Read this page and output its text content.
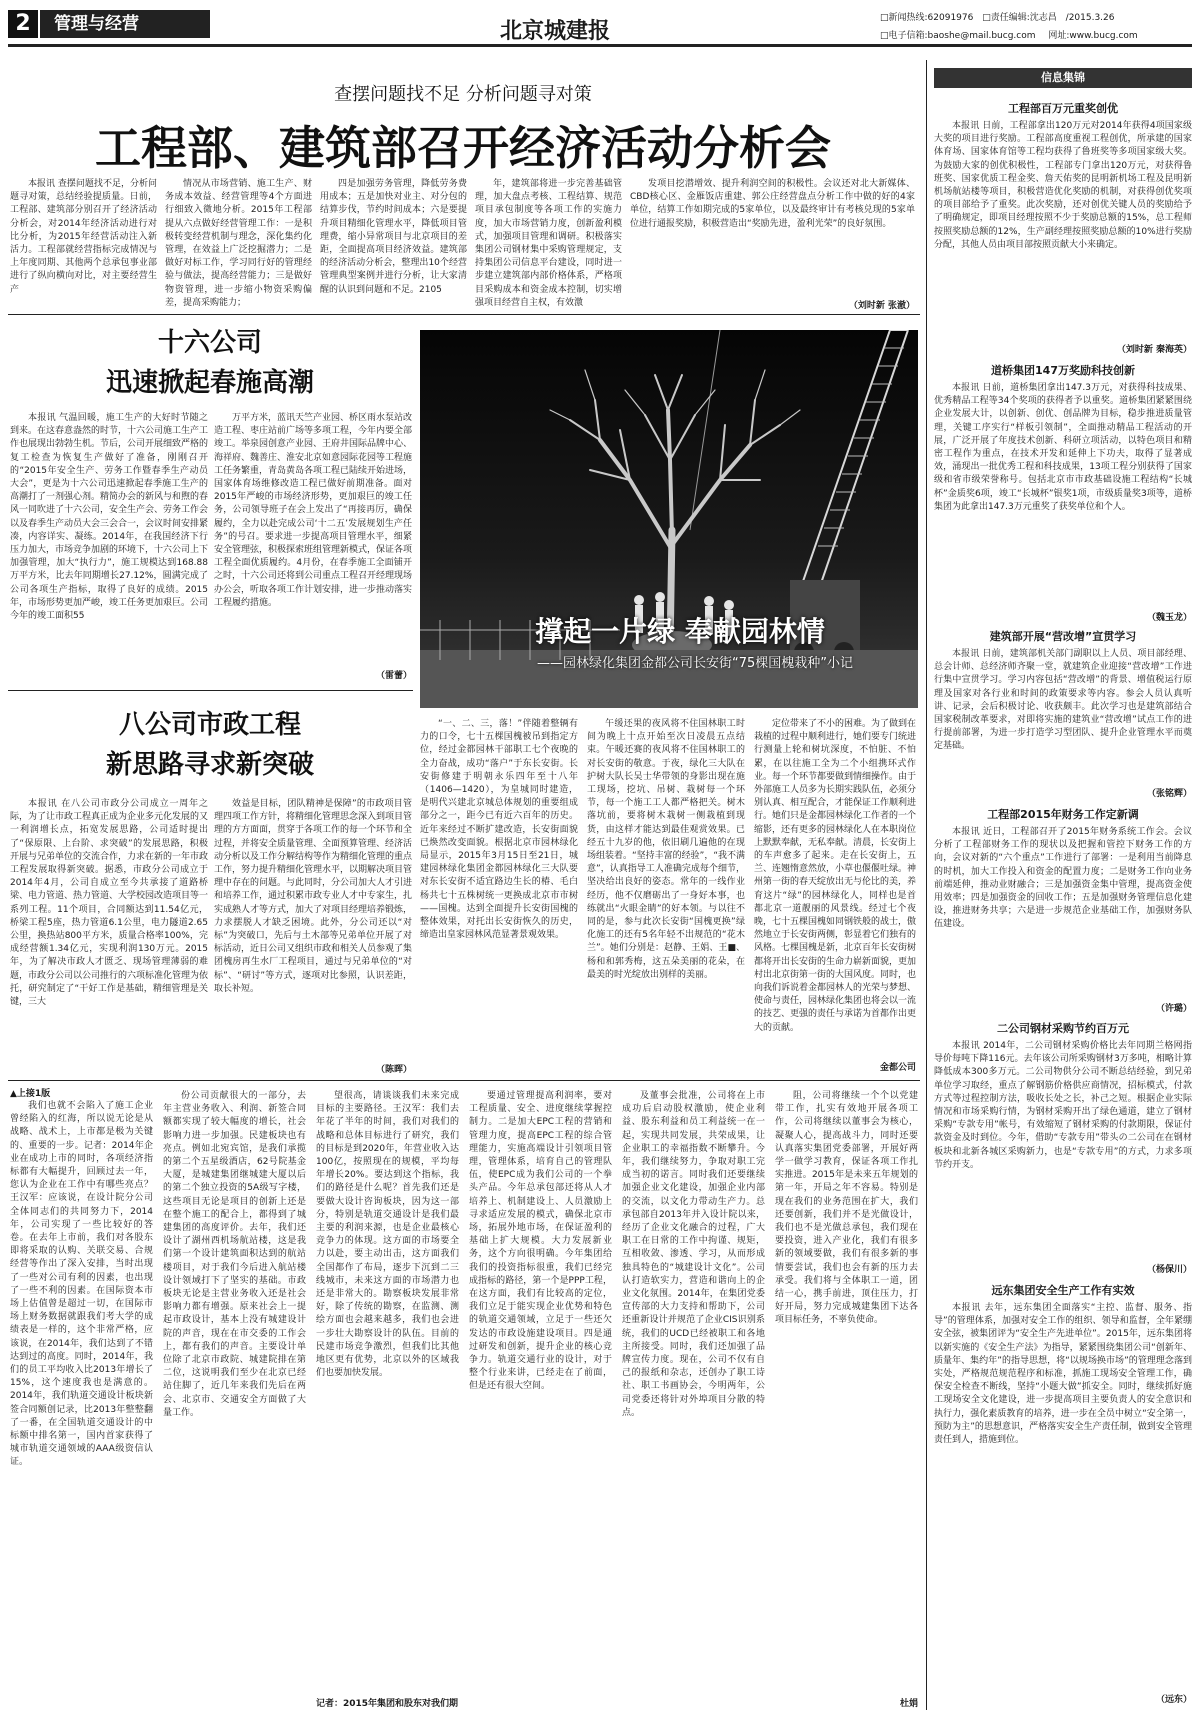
2	管理与经营	北京城建报	□新闻热线:62091976 □责任编辑:沈志昌 /2015.3.26
□电子信箱:baoshe@mail.bucg.com 网址:www.bucg.com
查摆问题找不足 分析问题寻对策
工程部、建筑部召开经济活动分析会

本报讯 查摆问题找不足，分析问题寻对策，总结经验提质量。日前，工程部、建筑部分别召开了经济活动分析会，对2014年经济活动进行对比分析，为2015年经营活动注入新活力。工程部就经营指标完成情况与上年度同期、其他两个总承包事业部进行了纵向横向对比，对主要经营生产

情况从市场营销、施工生产、财务成本效益、经营管理等4个方面进行细致入微地分析。2015年工程部提从六点做好经营管理工作：一是积极转变经营机制与理念，深化集约化管理，在效益上广泛挖掘潜力；二是做好对标工作，学习同行好的管理经验与做法，提高经营能力；三是做好物资管理，进一步缩小物资采购偏差，提高采购能力；

四是加强劳务管理，降低劳务费用成本；五是加快对业主、对分包的结算步伐，节约时间成本；六是要提升项目精细化管理水平，降低项目管理费，缩小异常项目与北京项目的差距，全面提高项目经济效益。建筑部的经济活动分析会，整理出10个经营管理典型案例并进行分析，让大家清醒的认识到问题和不足。2105

年，建筑部将进一步完善基础管理，加大盘点考核、工程结算、规范项目承包制度等各项工作的实施力度，加大市场营销力度，创新盈利模式，加强项目管理和调研。积极落实集团公司钢材集中采购管理规定，支持集团公司信息平台建设，同时进一步建立建筑部内部价格体系，严格项目采购成本和资金成本控制，切实增强项目经营自主权，有效激

发项目挖潜增效、提升利润空间的积极性。会议还对北大新媒体、CBD核心区、金雁饭店重建、郭公庄经营盘点分析工作中做的好的4家单位，结算工作如期完成的5家单位，以及最终审计有考核兑现的5家单位进行通报奖励，积极营造出“奖励先进，盈利光荣”的良好氛围。

（刘时新 张澈）
十六公司
迅速掀起春施高潮

本报讯 气温回暖，施工生产的大好时节随之到来。在这春意盎然的时节，十六公司施工生产工作也展现出勃勃生机。节后，公司开展细致严格的复工检查为恢复生产做好了准备，刚刚召开的“2015年安全生产、劳务工作暨春季生产动员大会”，更是为十六公司迅速掀起春季施工生产的高潮打了一剂强心剂。精简办会的新风与和煦的春风一同吹进了十六公司，安全生产会、劳务工作会以及春季生产动员大会三会合一，会议时间安排紧凑，内容详实、凝练。2014年，在我国经济下行压力加大，市场竞争加剧的环境下，十六公司上下加强管理，加大“执行力”，施工规模达到168.88万平方米，比去年同期增长27.12%，圆满完成了公司各项生产指标，取得了良好的成绩。2015年，市场形势更加严峻，竣工任务更加艰巨。公司今年的竣工面积55

万平方米，蓝讯天竺产业园、桥区雨水泵站改造工程、枣庄站前广场等多项工程，今年内要全部竣工。举泉园创意产业园、王府井国际品牌中心、海祥府、魏善庄、淮安北京如意园际花园等工程施工任务繁重，青岛黄岛各项工程已陆续开始进场，国家体育场维修改造工程已做好前期准备。面对2015年严峻的市场经济形势，更加艰巨的竣工任务，公司领导班子在会上发出了“再接再厉，确保履约，全力以赴完成公司‘十二五’发展规划生产任务”的号召。要求进一步提高项目管理水平，细紧安全管理弦，积极探索班组管理新模式，保证各项工程全面优质履约。4月份，在春季施工全面铺开之时，十六公司还将到公司重点工程召开经理现场办公会，听取各项工作计划安排，进一步推动落实工程履约措施。

（雷蕾）
八公司市政工程
新思路寻求新突破

本报讯 在八公司市政分公司成立一周年之际，为了让市政工程真正成为企业多元化发展的又一利润增长点，拓宽发展思路，公司适时提出了“保原限、上台阶、求突破”的发展思路，积极开展与兄弟单位的交流合作，力求在新的一年市政工程发展取得新突破。据悉，市政分公司成立于2014年4月，公司自成立至今共承接了道路桥梁、电力管道、热力管道、大学校园改造项目等一系列工程。11个项目，合同额达到11.54亿元，桥梁工程5座，热力管道6.1公里，电力隧道2.65公里，换热站800平方米，质量合格率100%，完成经营额1.34亿元，实现利润130万元。2015年，为了解决市政人才匮乏、现场管理薄弱的难题，市政分公司以公司推行的六项标准化管理为依托，研究制定了“干好工作是基础，精细管理是关键，三大

效益是目标，团队精神是保障”的市政项目管理四项工作方针，将精细化管理思念深入到项目管理的方方面面，贯穿于各项工作的每一个环节和全过程，并将安全质量管理、全面预算管理、经济活动分析以及工作分解结构等作为精细化管理的重点工作，努力提升精细化管理水平，以期解决项目管理中存在的问题。与此同时，分公司加大人才引进和培养工作，通过积累市政专业人才中专家生，扎实成熟人才等方式，加大了对项目经理培养锻炼，力求摆脱人才缺乏困境。此外，分公司还以“对标”为突破口，先后与土木部等兄弟单位开展了对标活动，近日公司又组织市政和相关人员参观了集团槐房再生水厂工程项目，通过与兄弟单位的“对标”、“研讨”等方式，逐项对比参照，认识差距，取长补短。

（陈晖）
撑起一片绿 奉献园林情
——园林绿化集团金都公司长安街“75棵国槐栽种”小记

“一、二、三，落！”伴随着整辆有力的口令，七十五棵国槐被吊到指定方位，经过金都园林干部职工七个夜晚的全力奋战，成功“落户”于东长安街。长安街修建于明朝永乐四年至十八年（1406—1420），为皇城同时建造，是明代兴建北京城总体规划的重要组成部分之一，距今已有近六百年的历史。近年来经过不断扩建改造，长安街面貌已焕然改变面貌。根据北京市园林绿化局显示，2015年3月15日至21日，城建园林绿化集团金都园林绿化三大队要对东长安街不适宜路边生长的椿、毛白杨共七十五株树统一更换成北京市市树——国槐。达到全面提升长安街国槐的整体效果，对托出长安街恢久的历史，缔造出皇家园林风范显著景观效果。

午缓还果的夜风将不住国林职工时间为晚上十点开始至次日凌晨五点结束。午暖还赛的夜风将不住国林职工的对长安街的敬意。于夜，绿化三大队在护树大队长吴士华带领的身影出现在施工现场，挖坑、吊树、栽树每一个环节，每一个施工工人都严格把关。树木落坑前，要将树木栽树一侧栽植到现货，由这样才能达到最佳观赏效果。已经五十九岁的他，依旧刷几遍他的在现场组装着。“坚持丰富的经验”，“我不满意”，认真指导工人准确完成每个细节，坚决给出良好的姿态。常年的一线作业经历，他不仅磨砺出了一身好本事，也练就出“火眼金睛”的好本领。与以往不同的是，参与此次长安街“国槐更换”绿化施工的还有5名年轻不出规范的“花木兰”。她们分别是：赵静、王娟、王■、杨和和郭秀梅，这五朵美丽的花朵，在最美的时光绽放出别样的美丽。

定位带来了不小的困难。为了做到在栽植的过程中顺利进行，她们要专门统进行测量上轮和树坑深度，不怕脏、不怕累，在以往施工全为二个小组携环式作业。每一个环节都要做到情细操作。由于外部施工人员多为长期实践队伍，必须分别认真、相互配合，才能保证工作顺利进行。她们只是金都园林绿化工作者的一个缩影，还有更多的园林绿化人在本职岗位上默默奉献，无私奉献。清晨，长安街上的车声愈多了起来。走在长安街上，五兰、连翘惰意然放，小草也偃偃吐绿。神州第一街的春天绽放出无与伦比的美，养育这片“绿”的园林绿化人，同样也是首都北京一道靓丽的风景线。经过七个夜晚，七十五棵国槐如同钢铁般的战士，傲然地立于长安街两侧，彰显着它们独有的风格。七棵国槐是新，北京百年长安街树都将开出长安街的生命力崭新面貌，更加村出北京街第一街的大国风度。同时，也向我们诉说着金都园林人的光荣与梦想、使命与责任，园林绿化集团也将会以一流的技艺、更强的责任与承诺为首都作出更大的贡献。

金都公司
▲上接1版

我们也就不会陷入了施工企业曾经陷入的红海，所以说无论是从战略、战术上，上市都是极为关键的、重要的一步。记者：2014年企业在成功上市的同时，各项经济指标都有大幅提升，回顾过去一年，您认为企业在工作中有哪些亮点？王汉军：应该说，在设计院分公司全体同志们的共同努力下，2014年，公司实现了一些比较好的答卷。在去年上市前，我们对各股东即将采取的认购、关联交易、合规经营等作出了深入安排，当时出现了一些对公司有利的因素，也出现了一些不利的因素。在国际资本市场上估值曾是超过一切，在国际市场上财务数据就跟我们考大学的成绩表是一样的，这个非常严格，应该说，在2014年，我们达到了不错达到过的高度。同时，2014年，我们的员工平均收入比2013年增长了15%，这个速度我也是满意的。2014年，我们轨道交通设计板块新签合同额创记录，比2013年整整翻了一番，在全国轨道交通设计的中标额中排名第一，国内首家获得了城市轨道交通领域的AAA级资信认证。

份公司贡献很大的一部分，去年主营业务收入、利润、新签合同额都实现了较大幅度的增长，社会影响力进一步加强。民建板块也有亮点。例如北宛宾馆，是我们承揽的第二个五星级酒店，62号院基金大厦，是城建集团继城建大厦以后的第二个独立投资的5A级写字楼，这些项目无论是项目的创新上还是在整个施工的配合上，都得到了城建集团的高度评价。去年，我们还设计了湖州西机场航站楼，这是我们第一个设计建筑面积达到的航站楼项目，对于我们今后进入航站楼设计领域打下了坚实的基础。市政板块无论是主营业务收入还是社会影响力都有增强。原来社会上一提起市政设计，基本上没有城建设计院的声音，现在在市交委的工作会上，都有我们的声音。主要设计单位除了北京市政院、城建院排在第二位，这说明我们至少在北京已经站住脚了，近几年来我们先后在两会、北京市、交通安全方面做了大量工作。

望很高，请谈谈我们未来完成目标的主要路径。王汉军：我们去年花了半年的时间，我们对我们的战略和总体目标进行了研究，我们的目标是到2020年，年营业收入达100亿，按照现在的规模，平均每年增长20%。要达到这个指标，我们的路径是什么呢？首先我们还是要做大设计咨询板块，因为这一部分，特别是轨道交通设计是我们最主要的利润来源，也是企业最核心竞争力的体现。这方面的市场要全力以赴，要主动出击，这方面我们全国都作了布局，逐步下沉到二三线城市，未来这方面的市场潜力也还是非常大的。勘察板块发展非常好，除了传统的勘察，在监测、测绘方面也会越来越多，我们也会进一步壮大勘察设计的队伍。目前的民建市场竞争激烈，但我们比其他地区更有优势，北京以外的区域我们也要加快发展。

记者：2015年集团和股东对我们期

要通过管理提高利润率，要对工程质量、安全、进度继续掌握控制力。二是加大EPC工程的营销和管理力度，提高EPC工程的综合管理能力，实施高端设计引领项目管理，管理体系，培育自己的管理队伍，使EPC成为我们公司的一个拳头产品。今年总承包部还将从人才培养上、机制建设上、人员激励上寻求适应发展的模式，确保北京市场，拓展外地市场，在保证盈利的基础上扩大规模。大力发展新业务，这个方向很明确。今年集团给我们的投资指标很重，我们已经完成指标的路径，第一个是PPP工程，在这方面，我们有比较高的定位，我们立足于能实现企业优势和特色的轨道交通领域，立足于一些还欠发达的市政设施建设项目。四是通过研发和创新，提升企业的核心竞争力。轨道交通行业的设计，对于整个行业来讲，已经走在了前面，但是还有很大空间。

及董事会批准，公司将在上市成功后启动股权激励，使企业利益、股东利益和员工利益统一在一起，实现共同发展，共荣成果，让企业职工的幸福指数不断攀升。今年，我们继续努力，争取对职工完成当初的诺言。同时我们还要继续加强企业文化建设，加强企业内部的交流，以文化力带动生产力。总承包部自2013年并入设计院以来，经历了企业文化融合的过程，广大职工在日常的工作中拘谨、规矩，互相收敛、渗透、学习，从而形成独具特色的“城建设计文化”。公司认打造软实力，营造和谐向上的企业文化氛围。2014年，在集团党委宣传部的大力支持和帮助下，公司还重新设计并规范了企业CIS识别系统，我们的UCD已经被职工和各地主所接受。同时，我们还加强了品牌宣传力度。现在，公司不仅有自己的报纸和杂志，还创办了职工诗社、职工书画协会，今明两年，公司党委还将针对外埠项目分散的特点。

阻，公司将继续一个个以党建带工作，扎实有效地开展各项工作，公司将继续以董事会为核心，凝聚人心，提高战斗力，同时还要认真落实集团党委部署，开展好两学一做学习教育，保证各项工作扎实推进。2015年是未来五年规划的第一年，开局之年不容易。特别是现在我们的业务范围在扩大，我们还要创新，我们并不是光做设计，我们也不是光做总承包，我们现在要投资，进入产业化，我们有很多新的领域要做，我们有很多新的事情要尝试，我们也会有新的压力去承受。我们将与全体职工一道，团结一心，携手前进，顶住压力，打好开局，努力完成城建集团下达各项目标任务，不辜负使命。

杜娟
信息集锦
工程部百万元重奖创优

本报讯 日前，工程部拿出120万元对2014年获得4项国家级大奖的项目进行奖励。工程部高度重视工程创优，所承建的国家体育场、国家体育馆等工程均获得了鲁班奖等多项国家级大奖。为鼓励大家的创优积极性，工程部专门拿出120万元，对获得鲁班奖、国家优质工程金奖、詹天佑奖的昆明新机场工程及昆明新机场航站楼等项目，积极营造优化奖励的机制，对获得创优奖项的项目部给予了重奖。此次奖励，还对创优关键人员的奖励给予了明确规定，即项目经理按照不少于奖励总额的15%，总工程师按照奖励总额的12%，生产副经理按照奖励总额的10%进行奖励分配，其他人员由项目部按照贡献大小来确定。

（刘时新 秦海英）
道桥集团147万奖励科技创新

本报讯 日前，道桥集团拿出147.3万元，对获得科技成果、优秀精品工程等34个奖项的获得者予以重奖。道桥集团紧紧围绕企业发展大计，以创新、创优、创品牌为目标，稳步推进质量管理，关键工序实行“样板引领制”，全面推动精品工程活动的开展，广泛开展了年度技术创新、科研立项活动，以特色项目和精密工程作为重点，在技术开发和延伸上下功夫，取得了显著成效，涌现出一批优秀工程和科技成果，13项工程分别获得了国家级和省市级荣誉称号。包括北京市市政基础设施工程结构“长城杯”金质奖6项，竣工“长城杯”银奖1项，市级质量奖3项等，道桥集团为此拿出147.3万元重奖了获奖单位和个人。

（魏玉龙）
建筑部开展“营改增”宣贯学习

本报讯 日前，建筑部机关部门副职以上人员、项目部经理、总会计师、总经济师齐聚一堂，就建筑企业迎接“营改增”工作进行集中宣贯学习。学习内容包括“营改增”的背景、增值税运行原理及国家对各行业和时间的政策要求等内容。参会人员认真听讲、记录，会后积极讨论、收获颇丰。此次学习也是建筑部结合国家税制改革要求，对即将实施的建筑业“营改增”试点工作的进行提前部署，为进一步打造学习型团队、提升企业管理水平而奠定基础。

（张铭辉）
工程部2015年财务工作定新调

本报讯 近日，工程部召开了2015年财务系统工作会。会议分析了工程部财务工作的现状以及把握和管控下财务工作的方向，会议对新的“六个重点”工作进行了部署：一是利用当前降息的时机，加大工作投入和资金的配置力度；二是财务工作向业务前端延伸，推动业财融合；三是加强资金集中管理，提高资金使用效率；四是加强资金的回收工作；五是加强财务管理信息化建设，推进财务共享；六是进一步规范企业基础工作，加强财务队伍建设。

（许璐）
二公司钢材采购节约百万元

本报讯 2014年，二公司钢材采购价格比去年同期兰格网指导价每吨下降116元。去年该公司所采购钢材3万多吨，相略计算降低成本300多万元。二公司物供分公司不断总结经验，到兄弟单位学习取经，重点了解钢筋价格供应商情况，招标模式，付款方式等过程控制方法，吸收长处之长，补己之短。根据企业实际情况和市场采购行情，为钢材采购开出了绿色通道，建立了钢材采购“专款专用”帐号，有效缩短了钢材采购的付款期限，保证付款资金及时到位。今年，借助“专款专用”带头の二公司在在钢材板块和北新各城区采购新力，也是“专款专用”的方式，力求多项节约开支。

（杨保川）
远东集团安全生产工作有实效

本报讯 去年，远东集团全面落实“主控、监督、服务、指导”的管理体系，加强对安全工作的组织、领导和监督，全年紧绷安全弦，被集团评为“安全生产先进单位”。2015年，远东集团将以新实施的《安全生产法》为指导，紧紧围绕集团公司“创新年、质量年、集约年”的指导思想，将“以规场换市场”的管理理念落到实处，严格规范规范程序和标准，抓施工现场安全管理工作，确保安全检查不断线，坚持“小题大做”抓安全。同时，继续抓好施工现场安全文化建设，进一步提高项目主要负责人的安全意识和执行力，强化素质教育的培养，进一步在全员中树立“安全第一，预防为主”的思想意识，严格落实安全生产责任制，做到安全管理责任到人，措施到位。

（远东）
